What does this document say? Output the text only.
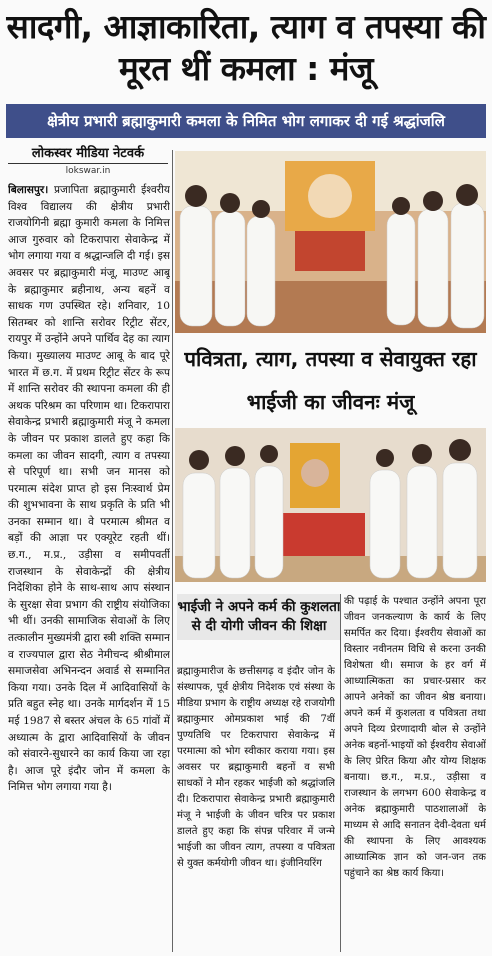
सादगी, आज्ञाकारिता, त्याग व तपस्या की मूरत थीं कमला : मंजू
क्षेत्रीय प्रभारी ब्रह्माकुमारी कमला के निमित भोग लगाकर दी गई श्रद्धांजलि
लोकस्वर मीडिया नेटवर्क
lokswar.in
बिलासपुर। प्रजापिता ब्रह्माकुमारी ईश्वरीय विश्व विद्यालय की क्षेत्रीय प्रभारी राजयोगिनी ब्रह्मा कुमारी कमला के निमित्त आज गुरुवार को टिकरापारा सेवाकेन्द्र में भोग लगाया गया व श्रद्धान्जलि दी गई। इस अवसर पर ब्रह्माकुमारी मंजू, माउण्ट आबू के ब्रह्माकुमार ब्रहीनाथ, अन्य बहनें व साधक गण उपस्थित रहे। शनिवार, 10 सितम्बर को शान्ति सरोवर रिट्रीट सेंटर, रायपुर में उन्होंने अपने पार्थिव देह का त्याग किया। मुख्यालय माउण्ट आबू के बाद पूरे भारत में छ.ग. में प्रथम रिट्रीट सेंटर के रूप में शान्ति सरोवर की स्थापना कमला की ही अथक परिश्रम का परिणाम था। टिकरापारा सेवाकेन्द्र प्रभारी ब्रह्माकुमारी मंजू ने कमला के जीवन पर प्रकाश डालते हुए कहा कि कमला का जीवन सादगी, त्याग व तपस्या से परिपूर्ण था। सभी जन मानस को परमात्म संदेश प्राप्त हो इस निःस्वार्थ प्रेम की शुभभावना के साथ प्रकृति के प्रति भी उनका सम्मान था। वे परमात्म श्रीमत व बड़ों की आज्ञा पर एक्यूरेट रहती थीं। छ.ग., म.प्र., उड़ीसा व समीपवर्ती राजस्थान के सेवाकेन्द्रों की क्षेत्रीय निदेशिका होने के साथ-साथ आप संस्थान के सुरक्षा सेवा प्रभाग की राष्ट्रीय संयोजिका भी थीं। उनकी सामाजिक सेवाओं के लिए तत्कालीन मुख्यमंत्री द्वारा स्त्री शक्ति सम्मान व राज्यपाल द्वारा सेठ नेमीचन्द श्रीश्रीमाल समाजसेवा अभिनन्दन अवार्ड से सम्मानित किया गया। उनके दिल में आदिवासियों के प्रति बहुत स्नेह था। उनके मार्गदर्शन में 15 मई 1987 से बस्तर अंचल के 65 गांवों में अध्यात्म के द्वारा आदिवासियों के जीवन को संवारने-सुधारने का कार्य किया जा रहा है। आज पूरे इंदौर जोन में कमला के निमित्त भोग लगाया गया है।
पवित्रता, त्याग, तपस्या व सेवायुक्त रहा भाईजी का जीवनः मंजू
भाईजी ने अपने कर्म की कुशलता से दी योगी जीवन की शिक्षा
ब्रह्माकुमारीज के छत्तीसगढ़ व इंदौर जोन के संस्थापक, पूर्व क्षेत्रीय निदेशक एवं संस्था के मीडिया प्रभाग के राष्ट्रीय अध्यक्ष रहे राजयोगी ब्रह्माकुमार ओमप्रकाश भाई की 7वीं पुण्यतिथि पर टिकरापारा सेवाकेन्द्र में परमात्मा को भोग स्वीकार कराया गया। इस अवसर पर ब्रह्माकुमारी बहनों व सभी साधकों ने मौन रहकर भाईजी को श्रद्धांजलि दी। टिकरापारा सेवाकेन्द्र प्रभारी ब्रह्माकुमारी मंजू ने भाईजी के जीवन चरित्र पर प्रकाश डालते हुए कहा कि संपन्न परिवार में जन्मे भाईजी का जीवन त्याग, तपस्या व पवित्रता से युक्त कर्मयोगी जीवन था। इंजीनियरिंग
की पढ़ाई के पश्चात उन्होंने अपना पूरा जीवन जनकल्याण के कार्य के लिए समर्पित कर दिया। ईश्वरीय सेवाओं का विस्तार नवीनतम विधि से करना उनकी विशेषता थी। समाज के हर वर्ग में आध्यात्मिकता का प्रचार-प्रसार कर आपने अनेकों का जीवन श्रेष्ठ बनाया। अपने कर्म में कुशलता व पवित्रता तथा अपने दिव्य प्रेरणादायी बोल से उन्होंने अनेक बहनों-भाइयों को ईश्वरीय सेवाओं के लिए प्रेरित किया और योग्य शिक्षक बनाया। छ.ग., म.प्र., उड़ीसा व राजस्थान के लगभग 600 सेवाकेन्द्र व अनेक ब्रह्माकुमारी पाठशालाओं के माध्यम से आदि सनातन देवी-देवता धर्म की स्थापना के लिए आवश्यक आध्यात्मिक ज्ञान को जन-जन तक पहुंचाने का श्रेष्ठ कार्य किया।
